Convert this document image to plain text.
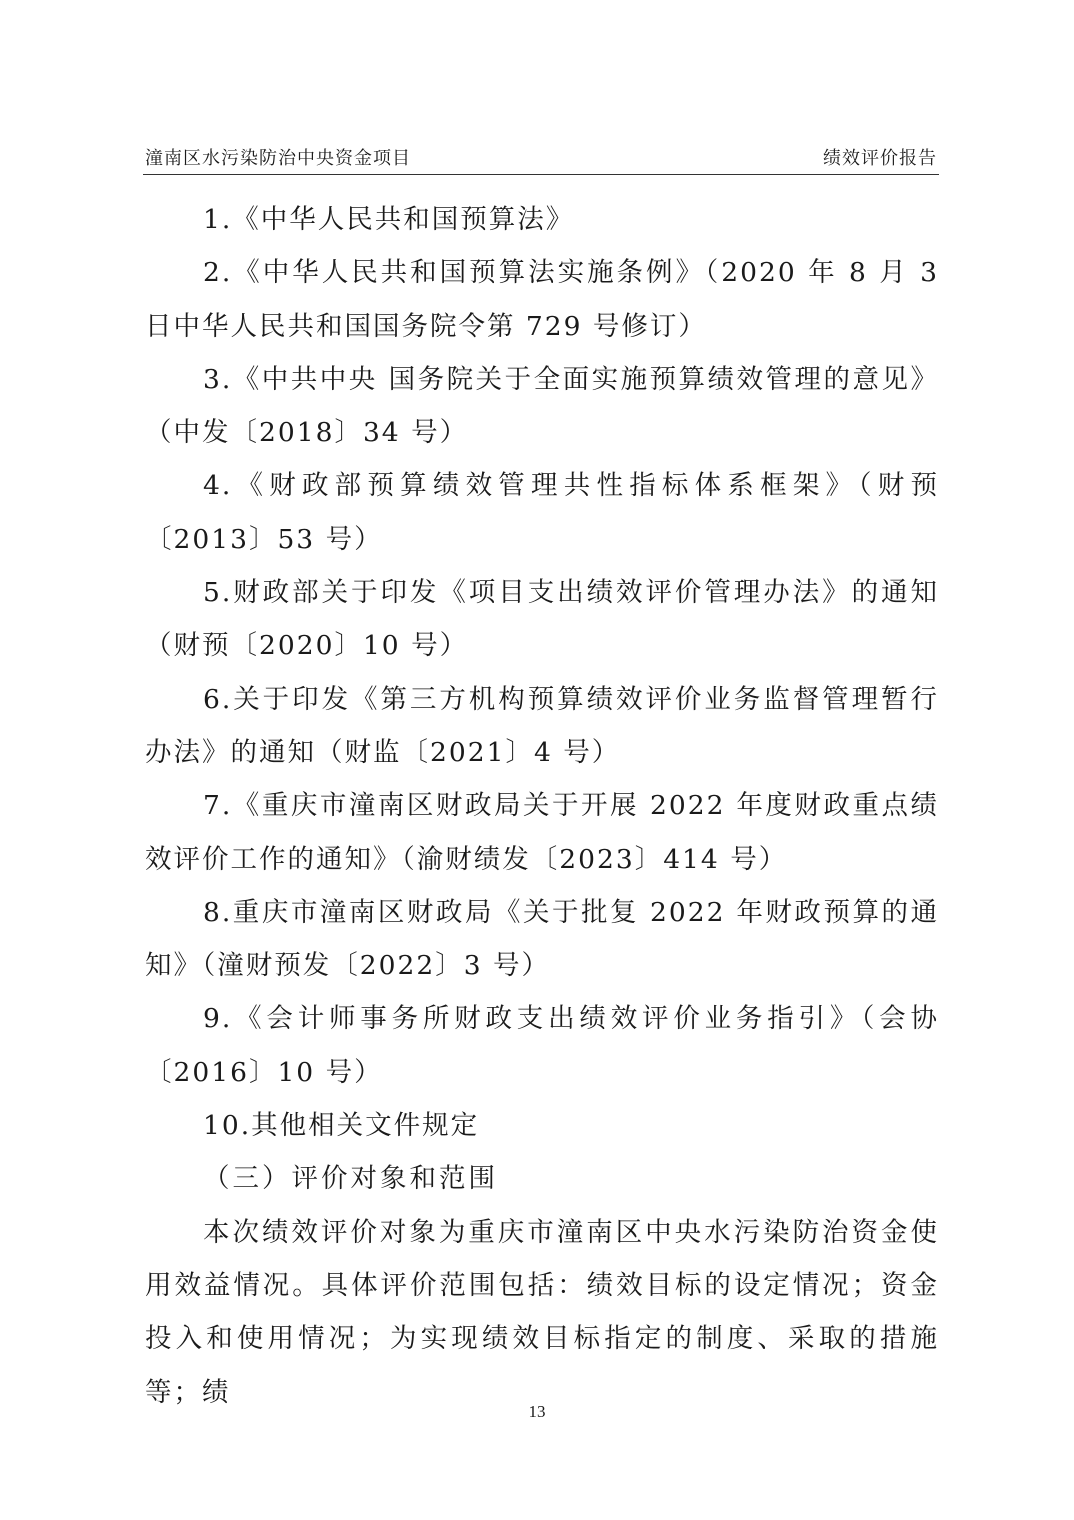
潼南区水污染防治中央资金项目	绩效评价报告

1.《中华人民共和国预算法》

2.《中华人民共和国预算法实施条例》（2020 年 8 月 3 日中华人民共和国国务院令第 729 号修订）

3.《中共中央 国务院关于全面实施预算绩效管理的意见》（中发〔2018〕34 号）

4.《财政部预算绩效管理共性指标体系框架》（财预〔2013〕53 号）

5.财政部关于印发《项目支出绩效评价管理办法》的通知（财预〔2020〕10 号）

6.关于印发《第三方机构预算绩效评价业务监督管理暂行办法》的通知（财监〔2021〕4 号）

7.《重庆市潼南区财政局关于开展 2022 年度财政重点绩效评价工作的通知》（渝财绩发〔2023〕414 号）

8.重庆市潼南区财政局《关于批复 2022 年财政预算的通知》（潼财预发〔2022〕3 号）

9.《会计师事务所财政支出绩效评价业务指引》（会协〔2016〕10 号）

10.其他相关文件规定

（三）评价对象和范围

本次绩效评价对象为重庆市潼南区中央水污染防治资金使用效益情况。具体评价范围包括：绩效目标的设定情况；资金投入和使用情况；为实现绩效目标指定的制度、采取的措施等；绩

13
